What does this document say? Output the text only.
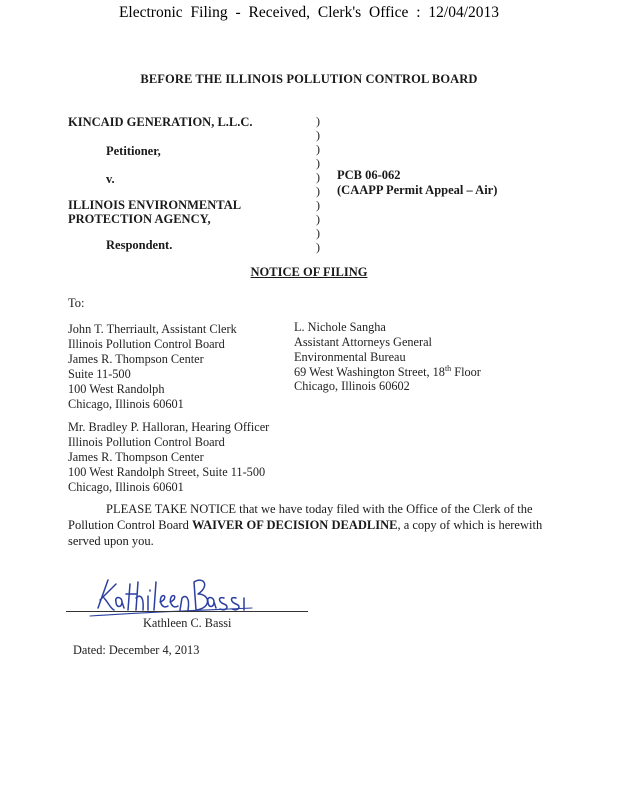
Electronic Filing - Received, Clerk's Office : 12/04/2013
BEFORE THE ILLINOIS POLLUTION CONTROL BOARD
KINCAID GENERATION, L.L.C.
Petitioner,
v.
ILLINOIS ENVIRONMENTAL
PROTECTION AGENCY,
Respondent.
)
)
)
)
)
)
)
)
)
)
PCB 06-062
(CAAPP Permit Appeal – Air)
NOTICE OF FILING
To:
John T. Therriault, Assistant Clerk
Illinois Pollution Control Board
James R. Thompson Center
Suite 11-500
100 West Randolph
Chicago, Illinois 60601
L. Nichole Sangha
Assistant Attorneys General
Environmental Bureau
69 West Washington Street, 18th Floor
Chicago, Illinois 60602
Mr. Bradley P. Halloran, Hearing Officer
Illinois Pollution Control Board
James R. Thompson Center
100 West Randolph Street, Suite 11-500
Chicago, Illinois 60601
PLEASE TAKE NOTICE that we have today filed with the Office of the Clerk of the
Pollution Control Board WAIVER OF DECISION DEADLINE, a copy of which is herewith
served upon you.
Kathleen Bassi
Kathleen C. Bassi
Dated: December 4, 2013
